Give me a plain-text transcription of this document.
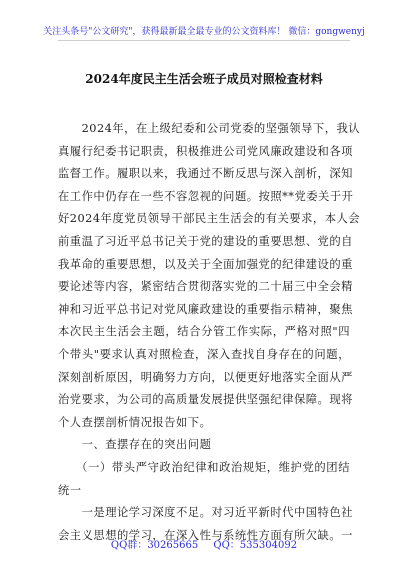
关注头条号"公文研究"，获得最新最全最专业的公文资料库！ 微信：gongwenyj
2024年度民主生活会班子成员对照检查材料
　　2024年，在上级纪委和公司党委的坚强领导下，我认
真履行纪委书记职责，积极推进公司党风廉政建设和各项
监督工作。履职以来，我通过不断反思与深入剖析，深知
在工作中仍存在一些不容忽视的问题。按照**党委关于开
好2024年度党员领导干部民主生活会的有关要求，本人会
前重温了习近平总书记关于党的建设的重要思想、党的自
我革命的重要思想，以及关于全面加强党的纪律建设的重
要论述等内容，紧密结合贯彻落实党的二十届三中全会精
神和习近平总书记对党风廉政建设的重要指示精神，聚焦
本次民主生活会主题，结合分管工作实际，严格对照"四
个带头"要求认真对照检查，深入查找自身存在的问题，
深刻剖析原因，明确努力方向，以便更好地落实全面从严
治党要求，为公司的高质量发展提供坚强纪律保障。现将
个人查摆剖析情况报告如下。
　　一、查摆存在的突出问题
　　（一）带头严守政治纪律和政治规矩，维护党的团结
统一
　　一是理论学习深度不足。对习近平新时代中国特色社
会主义思想的学习，在深入性与系统性方面有所欠缺。一
QQ群：30265665 QQ：535304092
